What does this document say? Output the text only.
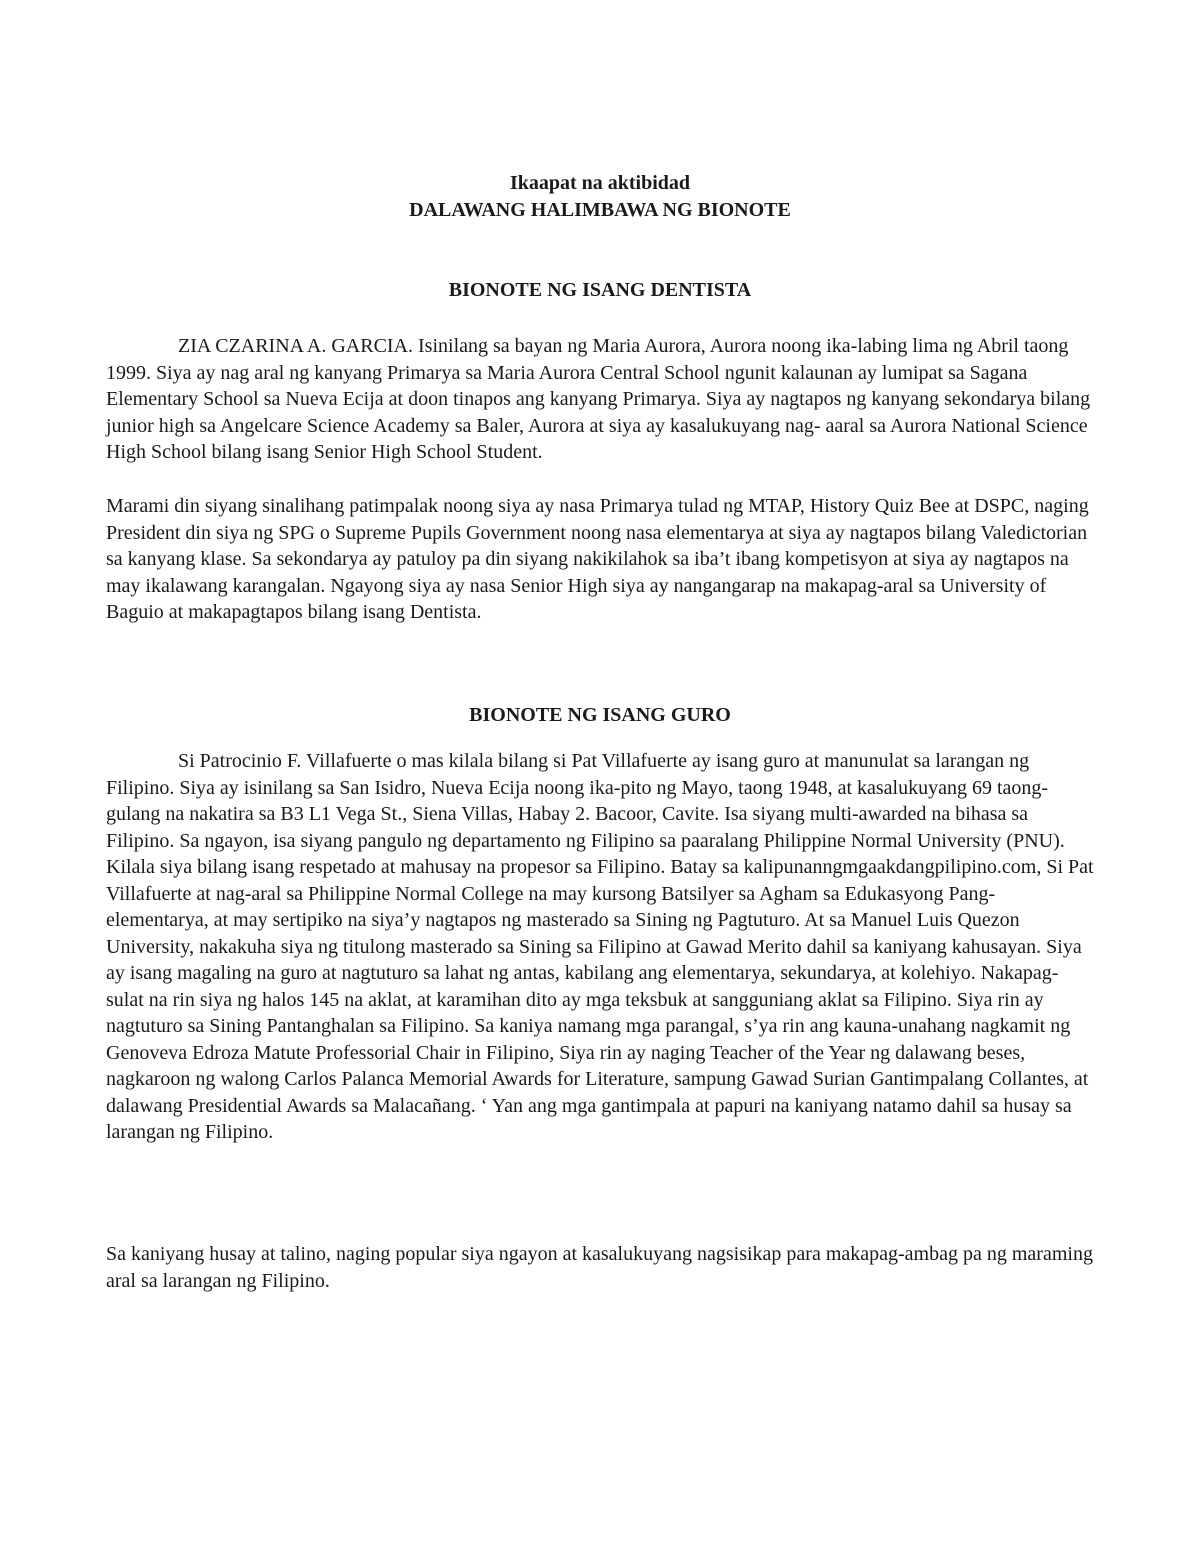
Ikaapat na aktibidad
DALAWANG HALIMBAWA NG BIONOTE
BIONOTE NG ISANG DENTISTA
ZIA CZARINA A. GARCIA. Isinilang sa bayan ng Maria Aurora, Aurora noong ika-labing lima ng Abril taong 1999. Siya ay nag aral ng kanyang Primarya sa Maria Aurora Central School ngunit kalaunan ay lumipat sa Sagana Elementary School sa Nueva Ecija at doon tinapos ang kanyang Primarya. Siya ay nagtapos ng kanyang sekondarya bilang junior high sa Angelcare Science Academy sa Baler, Aurora at siya ay kasalukuyang nag- aaral sa Aurora National Science High School bilang isang Senior High School Student.
Marami din siyang sinalihang patimpalak noong siya ay nasa Primarya tulad ng MTAP, History Quiz Bee at DSPC, naging President din siya ng SPG o Supreme Pupils Government noong nasa elementarya at siya ay nagtapos bilang Valedictorian sa kanyang klase. Sa sekondarya ay patuloy pa din siyang nakikilahok sa iba’t ibang kompetisyon at siya ay nagtapos na may ikalawang karangalan. Ngayong siya ay nasa Senior High siya ay nangangarap na makapag-aral sa University of Baguio at makapagtapos bilang isang Dentista.
BIONOTE NG ISANG GURO
Si Patrocinio F. Villafuerte o mas kilala bilang si Pat Villafuerte ay isang guro at manunulat sa larangan ng Filipino. Siya ay isinilang sa San Isidro, Nueva Ecija noong ika-pito ng Mayo, taong 1948, at kasalukuyang 69 taong-gulang na nakatira sa B3 L1 Vega St., Siena Villas, Habay 2. Bacoor, Cavite. Isa siyang multi-awarded na bihasa sa Filipino. Sa ngayon, isa siyang pangulo ng departamento ng Filipino sa paaralang Philippine Normal University (PNU). Kilala siya bilang isang respetado at mahusay na propesor sa Filipino. Batay sa kalipunanngmgaakdangpilipino.com, Si Pat Villafuerte at nag-aral sa Philippine Normal College na may kursong Batsilyer sa Agham sa Edukasyong Pang-elementarya, at may sertipiko na siya’y nagtapos ng masterado sa Sining ng Pagtuturo. At sa Manuel Luis Quezon University, nakakuha siya ng titulong masterado sa Sining sa Filipino at Gawad Merito dahil sa kaniyang kahusayan. Siya ay isang magaling na guro at nagtuturo sa lahat ng antas, kabilang ang elementarya, sekundarya, at kolehiyo. Nakapag-sulat na rin siya ng halos 145 na aklat, at karamihan dito ay mga teksbuk at sangguniang aklat sa Filipino. Siya rin ay nagtuturo sa Sining Pantanghalan sa Filipino. Sa kaniya namang mga parangal, s’ya rin ang kauna-unahang nagkamit ng Genoveva Edroza Matute Professorial Chair in Filipino, Siya rin ay naging Teacher of the Year ng dalawang beses, nagkaroon ng walong Carlos Palanca Memorial Awards for Literature, sampung Gawad Surian Gantimpalang Collantes, at dalawang Presidential Awards sa Malacañang. ‘ Yan ang mga gantimpala at papuri na kaniyang natamo dahil sa husay sa larangan ng Filipino.
Sa kaniyang husay at talino, naging popular siya ngayon at kasalukuyang nagsisikap para makapag-ambag pa ng maraming aral sa larangan ng Filipino.
